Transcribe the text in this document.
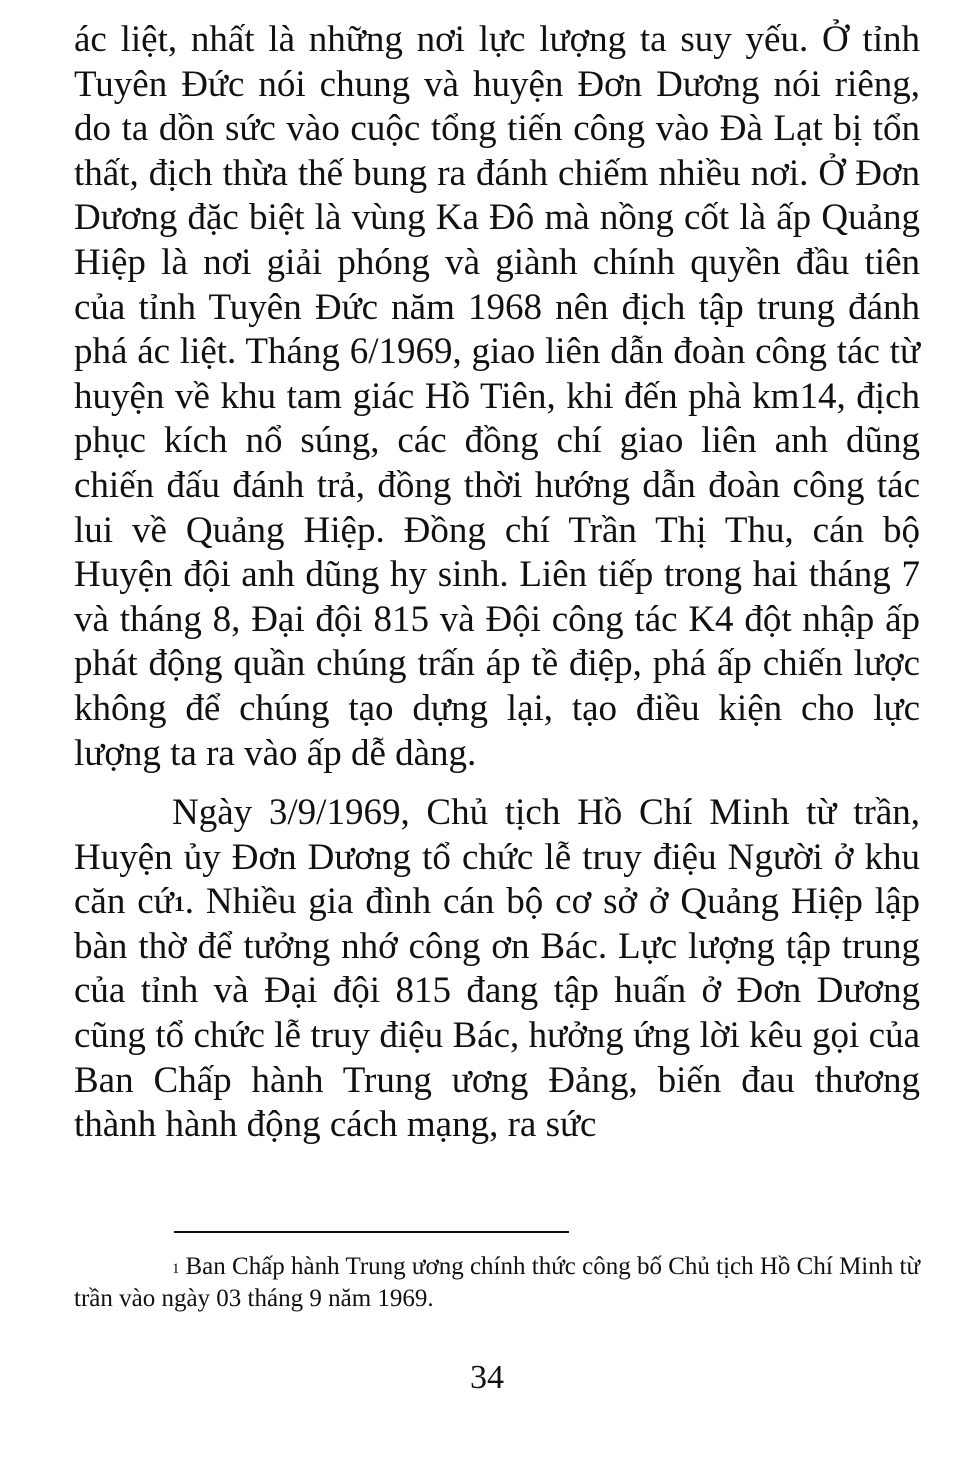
ác liệt, nhất là những nơi lực lượng ta suy yếu. Ở tỉnh Tuyên Đức nói chung và huyện Đơn Dương nói riêng, do ta dồn sức vào cuộc tổng tiến công vào Đà Lạt bị tổn thất, địch thừa thế bung ra đánh chiếm nhiều nơi. Ở Đơn Dương đặc biệt là vùng Ka Đô mà nồng cốt là ấp Quảng Hiệp là nơi giải phóng và giành chính quyền đầu tiên của tỉnh Tuyên Đức năm 1968 nên địch tập trung đánh phá ác liệt. Tháng 6/1969, giao liên dẫn đoàn công tác từ huyện về khu tam giác Hồ Tiên, khi đến phà km14, địch phục kích nổ súng, các đồng chí giao liên anh dũng chiến đấu đánh trả, đồng thời hướng dẫn đoàn công tác lui về Quảng Hiệp. Đồng chí Trần Thị Thu, cán bộ Huyện đội anh dũng hy sinh. Liên tiếp trong hai tháng 7 và tháng 8, Đại đội 815 và Đội công tác K4 đột nhập ấp phát động quần chúng trấn áp tề điệp, phá ấp chiến lược không để chúng tạo dựng lại, tạo điều kiện cho lực lượng ta ra vào ấp dễ dàng.

Ngày 3/9/1969, Chủ tịch Hồ Chí Minh từ trần, Huyện ủy Đơn Dương tổ chức lễ truy điệu Người ở khu căn cứ$^1$. Nhiều gia đình cán bộ cơ sở ở Quảng Hiệp lập bàn thờ để tưởng nhớ công ơn Bác. Lực lượng tập trung của tỉnh và Đại đội 815 đang tập huấn ở Đơn Dương cũng tổ chức lễ truy điệu Bác, hưởng ứng lời kêu gọi của Ban Chấp hành Trung ương Đảng, biến đau thương thành hành động cách mạng, ra sức

$^1$ Ban Chấp hành Trung ương chính thức công bố Chủ tịch Hồ Chí Minh từ trần vào ngày 03 tháng 9 năm 1969.
34
